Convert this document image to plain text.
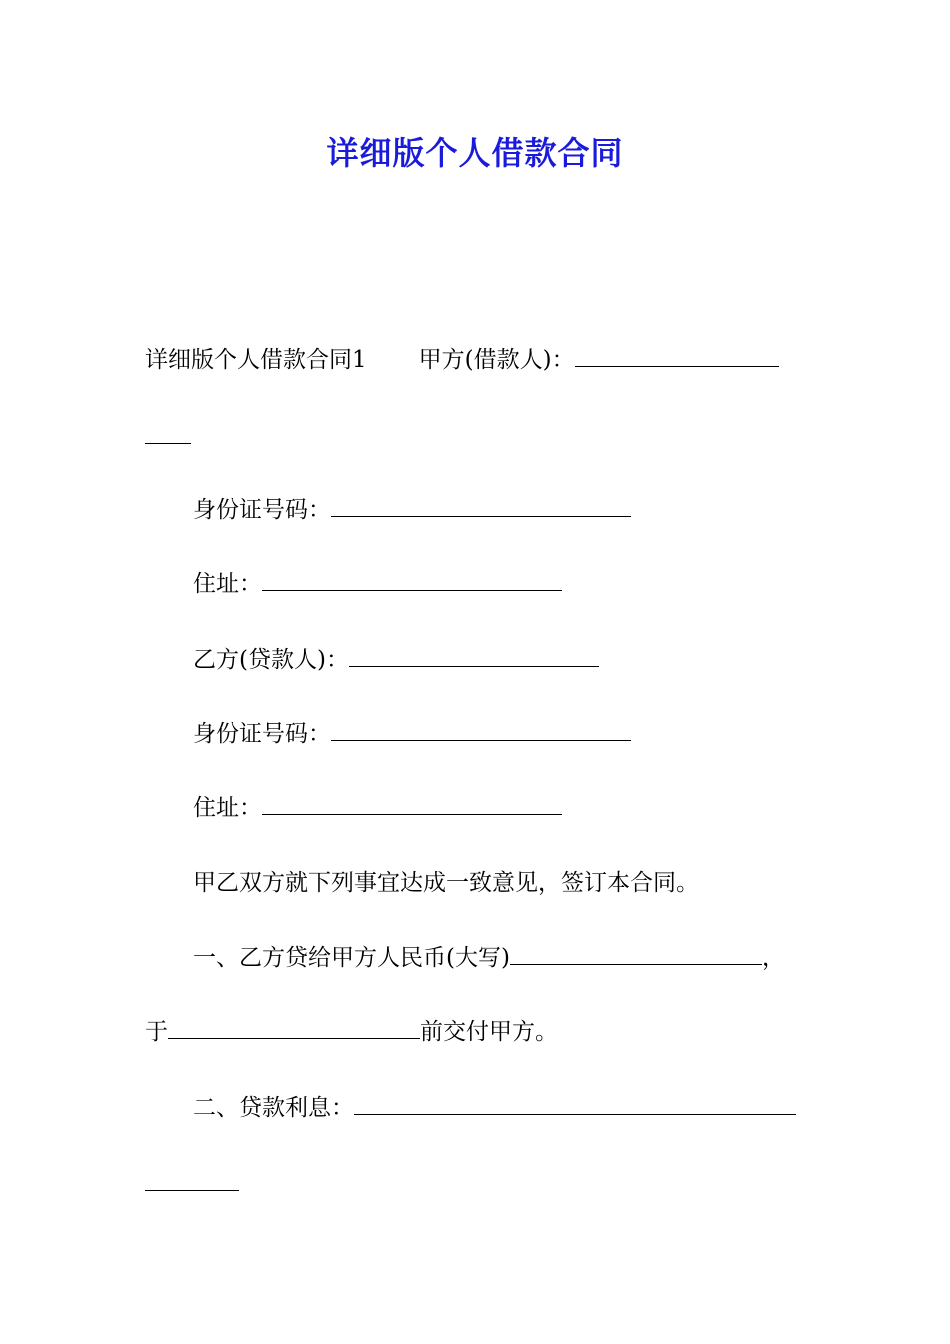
详细版个人借款合同
详细版个人借款合同1 甲方(借款人)：
身份证号码：
住址：
乙方(贷款人)：
身份证号码：
住址：
甲乙双方就下列事宜达成一致意见，签订本合同。
一、乙方贷给甲方人民币(大写)	，
于	前交付甲方。
二、贷款利息：
